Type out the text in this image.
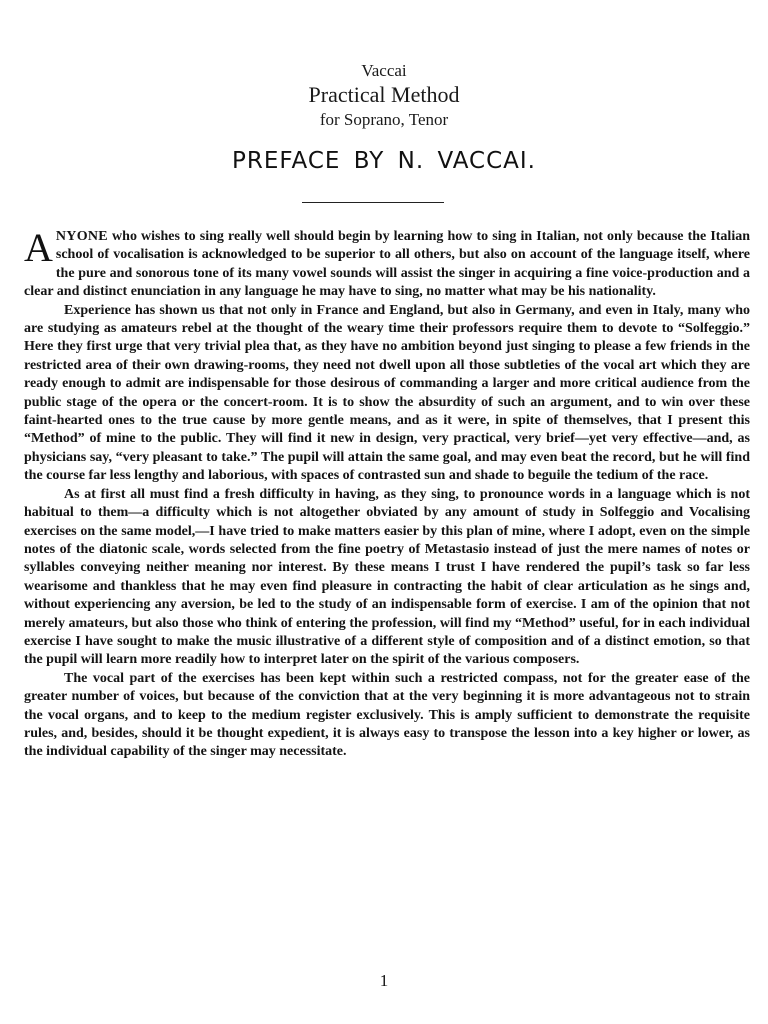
Vaccai
Practical Method
for Soprano, Tenor
PREFACE BY N. VACCAI.

ANYONE who wishes to sing really well should begin by learning how to sing in Italian, not only because the Italian school of vocalisation is acknowledged to be superior to all others, but also on account of the language itself, where the pure and sonorous tone of its many vowel sounds will assist the singer in acquiring a fine voice-production and a clear and distinct enunciation in any language he may have to sing, no matter what may be his nationality.

Experience has shown us that not only in France and England, but also in Germany, and even in Italy, many who are studying as amateurs rebel at the thought of the weary time their professors require them to devote to “Solfeggio.” Here they first urge that very trivial plea that, as they have no ambition beyond just singing to please a few friends in the restricted area of their own drawing-rooms, they need not dwell upon all those subtleties of the vocal art which they are ready enough to admit are indispensable for those desirous of commanding a larger and more critical audience from the public stage of the opera or the concert-room. It is to show the absurdity of such an argument, and to win over these faint-hearted ones to the true cause by more gentle means, and as it were, in spite of themselves, that I present this “Method” of mine to the public. They will find it new in design, very practical, very brief—yet very effective—and, as physicians say, “very pleasant to take.” The pupil will attain the same goal, and may even beat the record, but he will find the course far less lengthy and laborious, with spaces of contrasted sun and shade to beguile the tedium of the race.

As at first all must find a fresh difficulty in having, as they sing, to pronounce words in a language which is not habitual to them—a difficulty which is not altogether obviated by any amount of study in Solfeggio and Vocalising exercises on the same model,—I have tried to make matters easier by this plan of mine, where I adopt, even on the simple notes of the diatonic scale, words selected from the fine poetry of Metastasio instead of just the mere names of notes or syllables conveying neither meaning nor interest. By these means I trust I have rendered the pupil’s task so far less wearisome and thankless that he may even find pleasure in contracting the habit of clear articulation as he sings and, without experiencing any aversion, be led to the study of an indispensable form of exercise. I am of the opinion that not merely amateurs, but also those who think of entering the profession, will find my “Method” useful, for in each individual exercise I have sought to make the music illustrative of a different style of composition and of a distinct emotion, so that the pupil will learn more readily how to interpret later on the spirit of the various composers.

The vocal part of the exercises has been kept within such a restricted compass, not for the greater ease of the greater number of voices, but because of the conviction that at the very beginning it is more advantageous not to strain the vocal organs, and to keep to the medium register exclusively. This is amply sufficient to demonstrate the requisite rules, and, besides, should it be thought expedient, it is always easy to transpose the lesson into a key higher or lower, as the individual capability of the singer may necessitate.

1
